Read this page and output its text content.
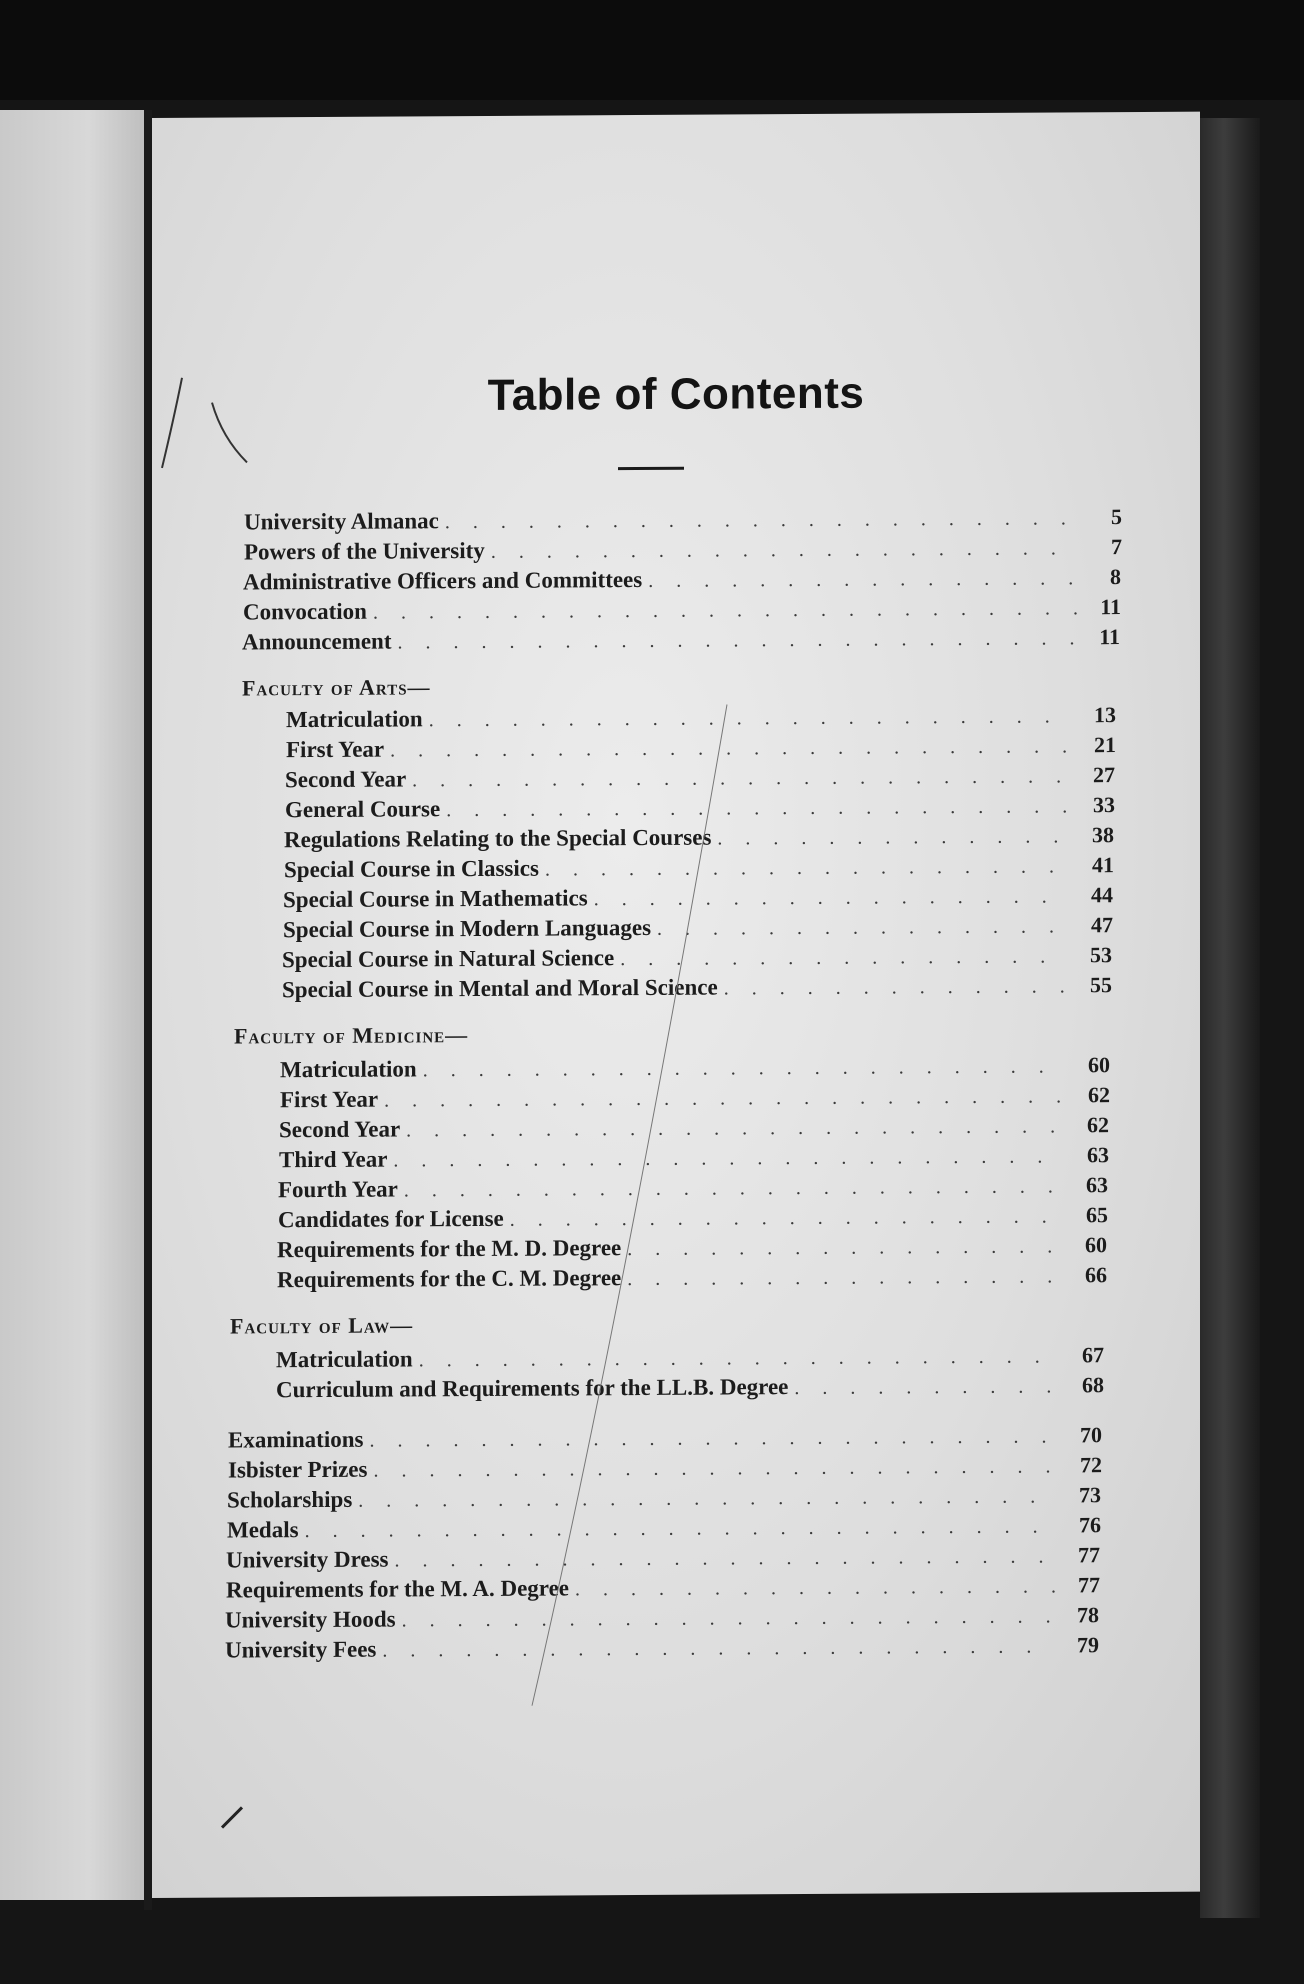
Table of Contents
University Almanac . . .	5
Powers of the University . . .	7
Administrative Officers and Committees . . .	8
Convocation . . .	11
Announcement . . .	11
Faculty of Arts—
Matriculation . . .	13
First Year . . .	21
Second Year . . .	27
General Course . . .	33
Regulations Relating to the Special Courses . . .	38
Special Course in Classics . . .	41
Special Course in Mathematics . . .	44
Special Course in Modern Languages . . .	47
Special Course in Natural Science . . .	53
Special Course in Mental and Moral Science . . .	55
Faculty of Medicine—
Matriculation . . .	60
First Year . . .	62
Second Year . . .	62
Third Year . . .	63
Fourth Year . . .	63
Candidates for License . . .	65
Requirements for the M. D. Degree . . .	60
Requirements for the C. M. Degree . . .	66
Faculty of Law—
Matriculation . . .	67
Curriculum and Requirements for the LL.B. Degree . . .	68
Examinations . . .	70
Isbister Prizes . . .	72
Scholarships . . .	73
Medals . . .	76
University Dress . . .	77
Requirements for the M. A. Degree . . .	77
University Hoods . . .	78
University Fees . . .	79
